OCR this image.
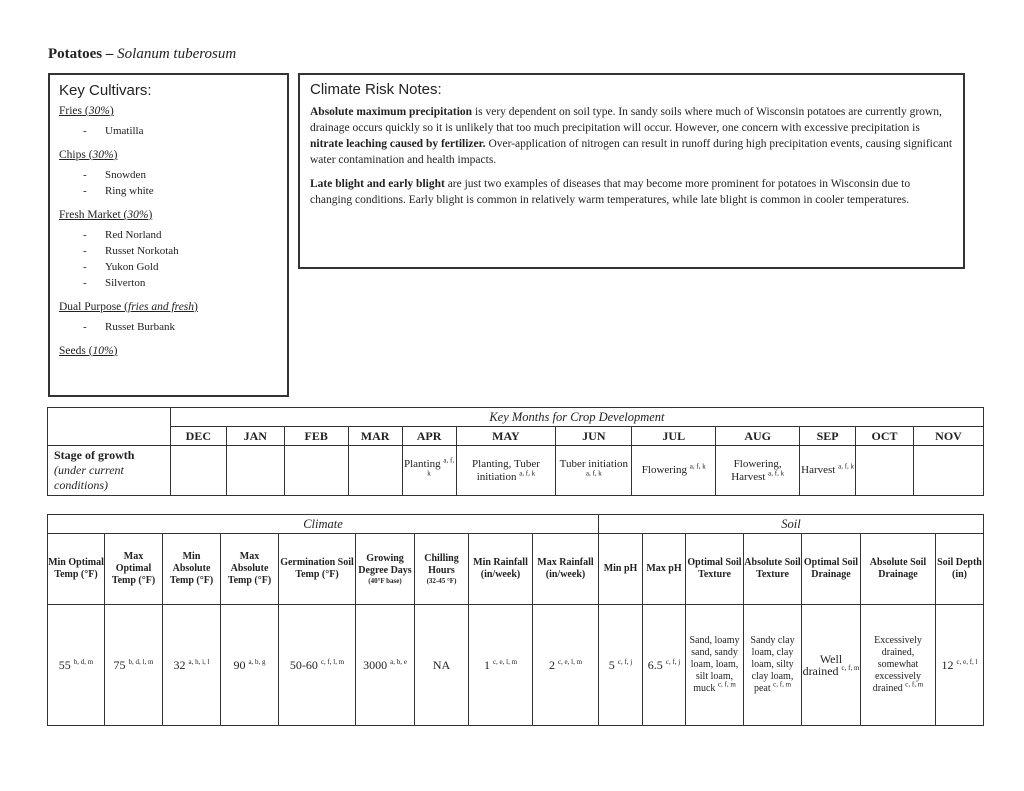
Potatoes – Solanum tuberosum
Key Cultivars:
Fries (30%)
- Umatilla
Chips (30%)
- Snowden
- Ring white
Fresh Market (30%)
- Red Norland
- Russet Norkotah
- Yukon Gold
- Silverton
Dual Purpose (fries and fresh)
- Russet Burbank
Seeds (10%)
Climate Risk Notes:

Absolute maximum precipitation is very dependent on soil type. In sandy soils where much of Wisconsin potatoes are currently grown, drainage occurs quickly so it is unlikely that too much precipitation will occur. However, one concern with excessive precipitation is nitrate leaching caused by fertilizer. Over-application of nitrogen can result in runoff during high precipitation events, causing significant water contamination and health impacts.

Late blight and early blight are just two examples of diseases that may become more prominent for potatoes in Wisconsin due to changing conditions. Early blight is common in relatively warm temperatures, while late blight is common in cooler temperatures.

	Key Months for Crop Development											
	DEC	JAN	FEB	MAR	APR	MAY	JUN	JUL	AUG	SEP	OCT	NOV

Stage of growth
(under current conditions)					Planting $^{a, f, k}$	Planting, Tuber initiation $^{a, f, k}$	Tuber initiation $^{a, f, k}$	Flowering $^{a, f, k}$	Flowering, Harvest $^{a, f, k}$	Harvest $^{a, f, k}$		
Climate									Soil						
Min Optimal Temp (°F)	Max Optimal Temp (°F)	Min Absolute Temp (°F)	Max Absolute Temp (°F)	Germination Soil Temp (°F)	Growing Degree Days
(40°F base)	Chilling Hours
(32-45 °F)	Min Rainfall (in/week)	Max Rainfall (in/week)	Min pH	Max pH	Optimal Soil Texture	Absolute Soil Texture	Optimal Soil Drainage	Absolute Soil Drainage	Soil Depth (in)
55 $^{b, d, m}$	75 $^{b, d, l, m}$	32 $^{a, h, i, l}$	90 $^{a, b, g}$	50-60 $^{c, f, l, m}$	3000 $^{a, b, e}$	NA	1 $^{c, e, l, m}$	2 $^{c, e, l, m}$	5 $^{c, f, j}$	6.5 $^{c, f, j}$	Sand, loamy sand, sandy loam, loam, silt loam, muck $^{c, f, m}$	Sandy clay loam, clay loam, silty clay loam, peat $^{c, f, m}$	Well drained $^{c, f, m}$	Excessively drained, somewhat excessively drained $^{c, f, m}$	12 $^{c, e, f, l}$
